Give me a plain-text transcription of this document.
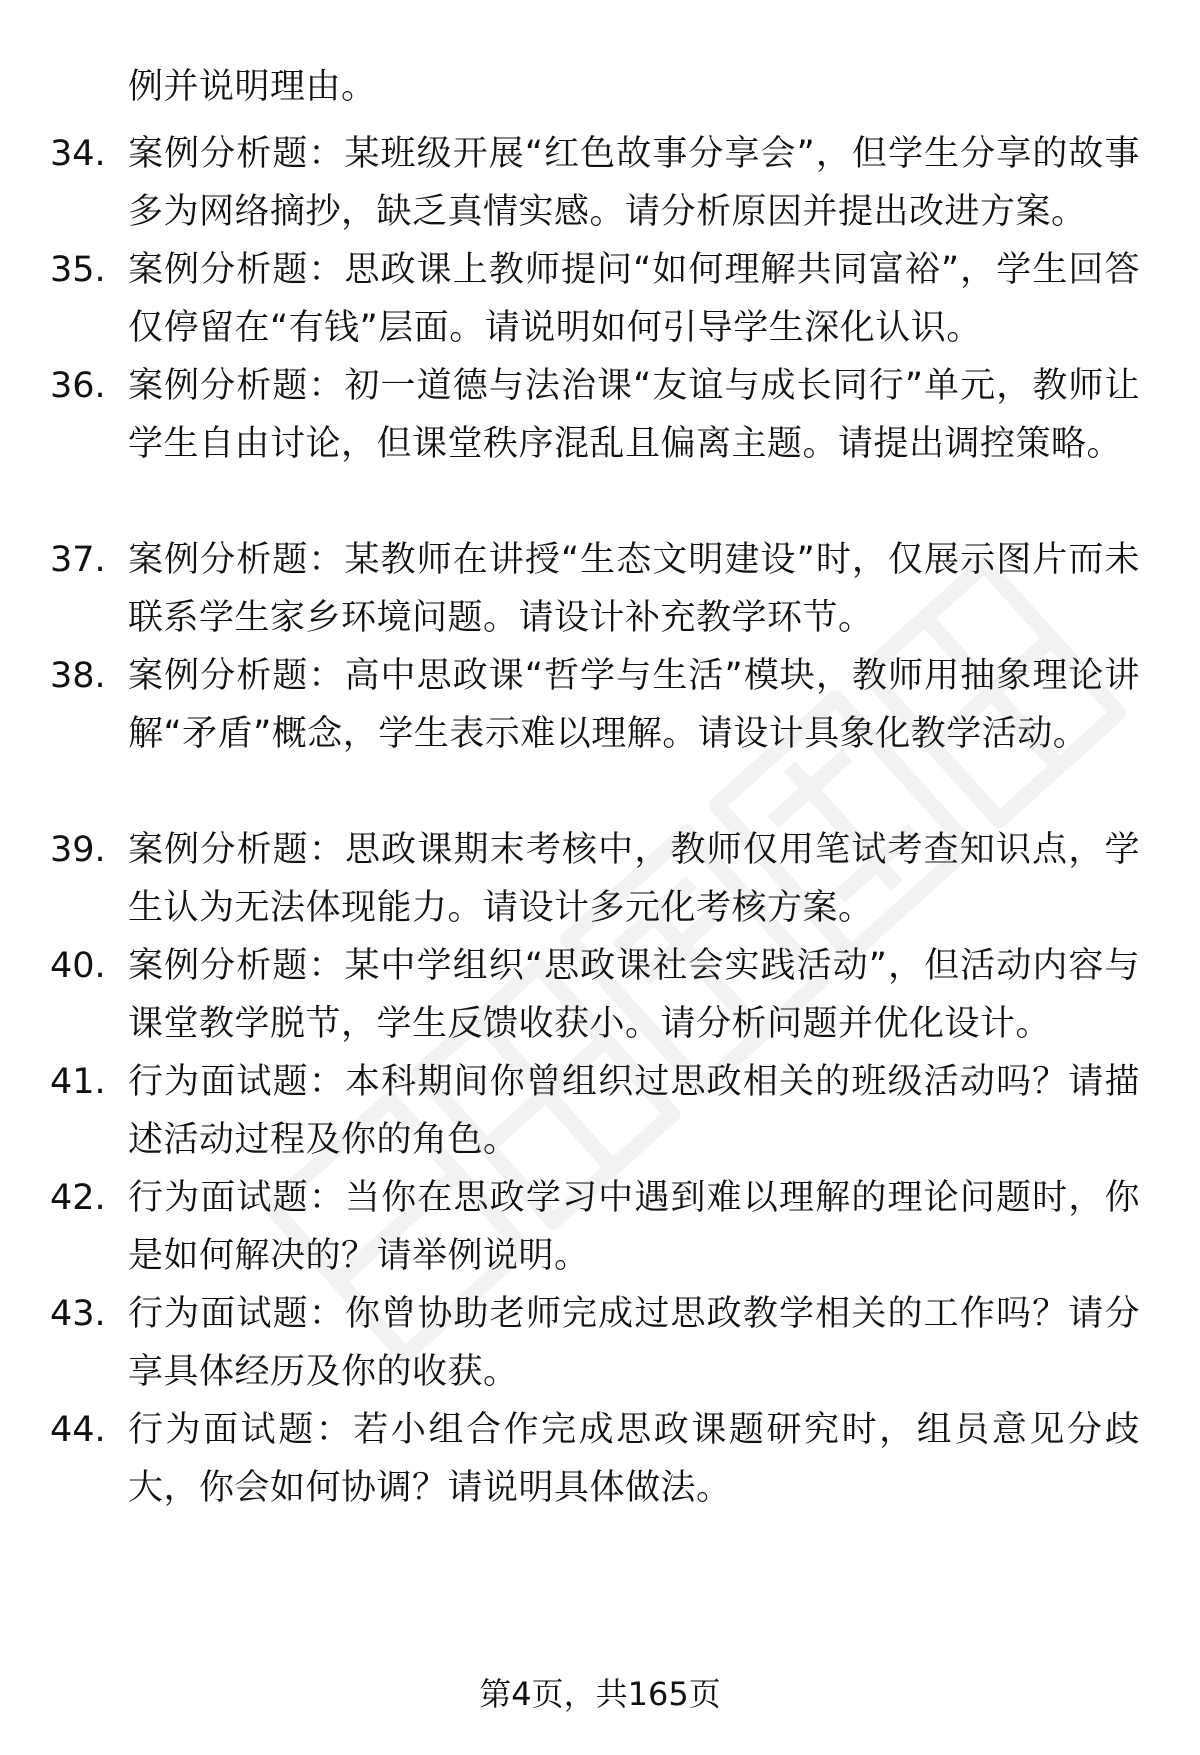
例并说明理由。

34. 案例分析题：某班级开展“红色故事分享会”，但学生分享的故事多为网络摘抄，缺乏真情实感。请分析原因并提出改进方案。

35. 案例分析题：思政课上教师提问“如何理解共同富裕”，学生回答仅停留在“有钱”层面。请说明如何引导学生深化认识。

36. 案例分析题：初一道德与法治课“友谊与成长同行”单元，教师让学生自由讨论，但课堂秩序混乱且偏离主题。请提出调控策略。

37. 案例分析题：某教师在讲授“生态文明建设”时，仅展示图片而未联系学生家乡环境问题。请设计补充教学环节。

38. 案例分析题：高中思政课“哲学与生活”模块，教师用抽象理论讲解“矛盾”概念，学生表示难以理解。请设计具象化教学活动。

39. 案例分析题：思政课期末考核中，教师仅用笔试考查知识点，学生认为无法体现能力。请设计多元化考核方案。

40. 案例分析题：某中学组织“思政课社会实践活动”，但活动内容与课堂教学脱节，学生反馈收获小。请分析问题并优化设计。

41. 行为面试题：本科期间你曾组织过思政相关的班级活动吗？请描述活动过程及你的角色。

42. 行为面试题：当你在思政学习中遇到难以理解的理论问题时，你是如何解决的？请举例说明。

43. 行为面试题：你曾协助老师完成过思政教学相关的工作吗？请分享具体经历及你的收获。

44. 行为面试题：若小组合作完成思政课题研究时，组员意见分歧大，你会如何协调？请说明具体做法。

第4页，共165页
